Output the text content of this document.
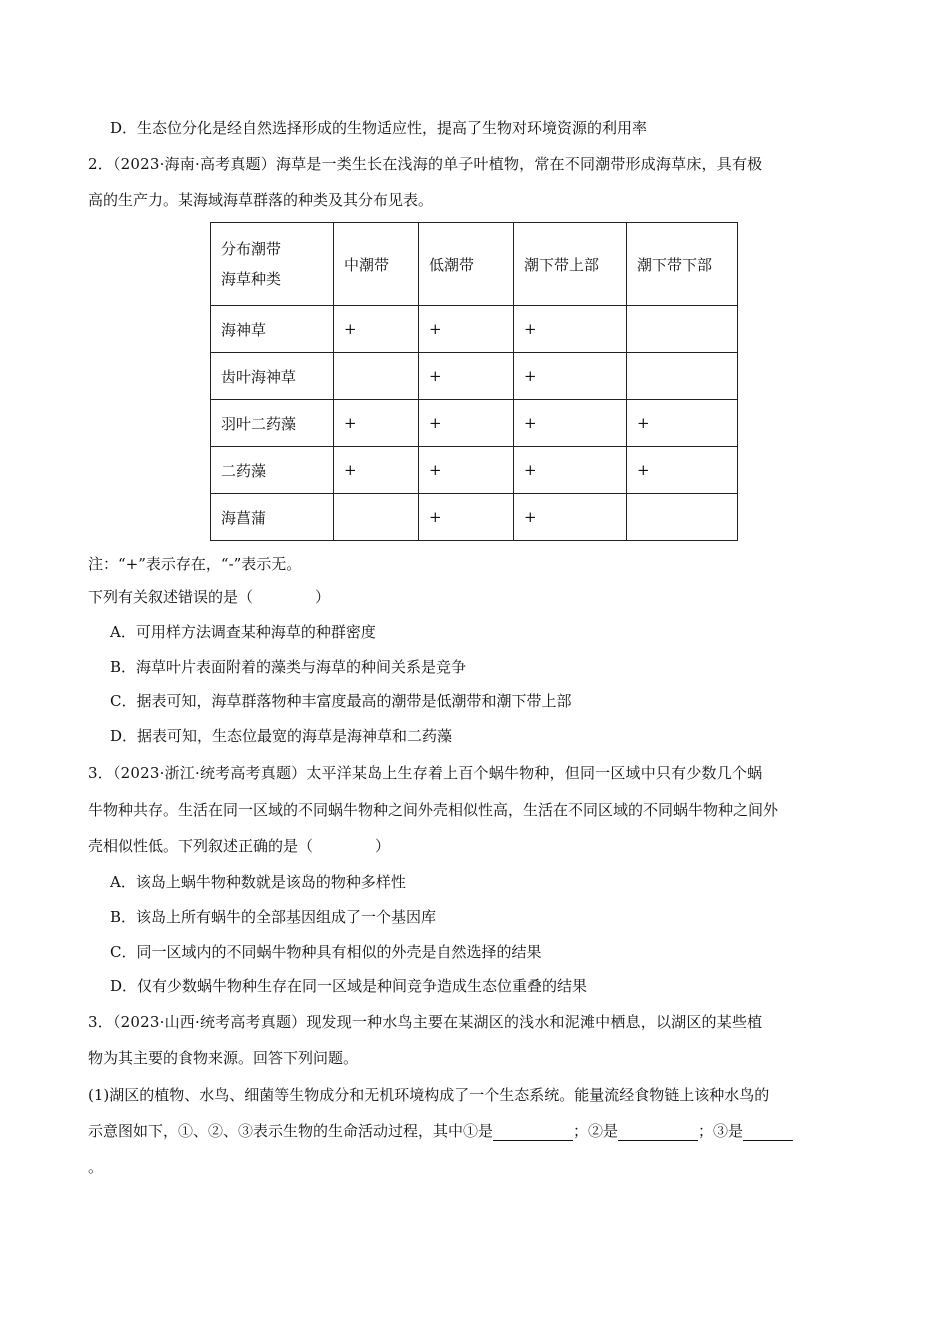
D．生态位分化是经自然选择形成的生物适应性，提高了生物对环境资源的利用率
2．（2023·海南·高考真题）海草是一类生长在浅海的单子叶植物，常在不同潮带形成海草床，具有极
高的生产力。某海域海草群落的种类及其分布见表。
分布潮带
海草种类	中潮带	低潮带	潮下带上部	潮下带下部
海神草	+	+	+	
齿叶海神草		+	+	
羽叶二药藻	+	+	+	+
二药藻	+	+	+	+
海菖蒲		+	+	
注：“+”表示存在，“-”表示无。
下列有关叙述错误的是（	）
A．可用样方法调查某种海草的种群密度
B．海草叶片表面附着的藻类与海草的种间关系是竞争
C．据表可知，海草群落物种丰富度最高的潮带是低潮带和潮下带上部
D．据表可知，生态位最宽的海草是海神草和二药藻
3．（2023·浙江·统考高考真题）太平洋某岛上生存着上百个蜗牛物种，但同一区域中只有少数几个蜗
牛物种共存。生活在同一区域的不同蜗牛物种之间外壳相似性高，生活在不同区域的不同蜗牛物种之间外
壳相似性低。下列叙述正确的是（	）
A．该岛上蜗牛物种数就是该岛的物种多样性
B．该岛上所有蜗牛的全部基因组成了一个基因库
C．同一区域内的不同蜗牛物种具有相似的外壳是自然选择的结果
D．仅有少数蜗牛物种生存在同一区域是种间竞争造成生态位重叠的结果
3．（2023·山西·统考高考真题）现发现一种水鸟主要在某湖区的浅水和泥滩中栖息，以湖区的某些植
物为其主要的食物来源。回答下列问题。
(1)湖区的植物、水鸟、细菌等生物成分和无机环境构成了一个生态系统。能量流经食物链上该种水鸟的
示意图如下，①、②、③表示生物的生命活动过程，其中①是	；②是	；③是
。
